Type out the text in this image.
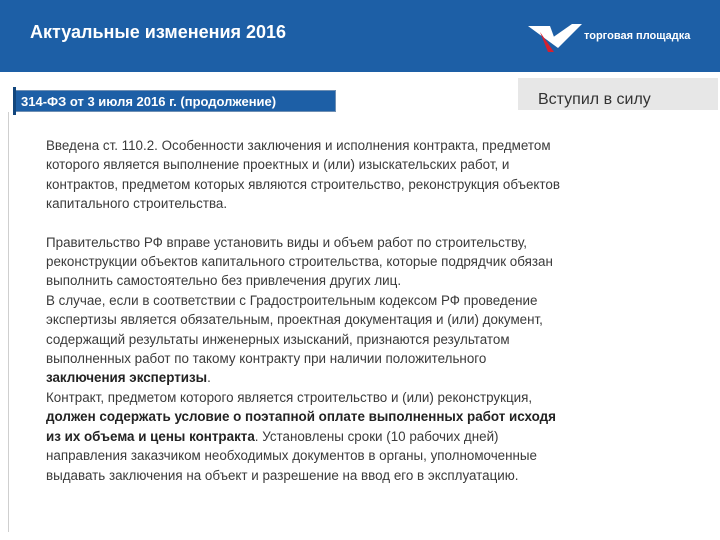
Актуальные изменения 2016	торговая площадка
314-ФЗ от 3 июля 2016 г. (продолжение)	Вступил в силу

Введена ст. 110.2. Особенности заключения и исполнения контракта, предметом
которого является выполнение проектных и (или) изыскательских работ, и
контрактов, предметом которых являются строительство, реконструкция объектов
капитального строительства.

Правительство РФ вправе установить виды и объем работ по строительству,
реконструкции объектов капитального строительства, которые подрядчик обязан
выполнить самостоятельно без привлечения других лиц.

В случае, если в соответствии с Градостроительным кодексом РФ проведение
экспертизы является обязательным, проектная документация и (или) документ,
содержащий результаты инженерных изысканий, признаются результатом
выполненных работ по такому контракту при наличии положительного
заключения экспертизы.

Контракт, предметом которого является строительство и (или) реконструкция,
должен содержать условие о поэтапной оплате выполненных работ исходя
из их объема и цены контракта. Установлены сроки (10 рабочих дней)
направления заказчиком необходимых документов в органы, уполномоченные
выдавать заключения на объект и разрешение на ввод его в эксплуатацию.
